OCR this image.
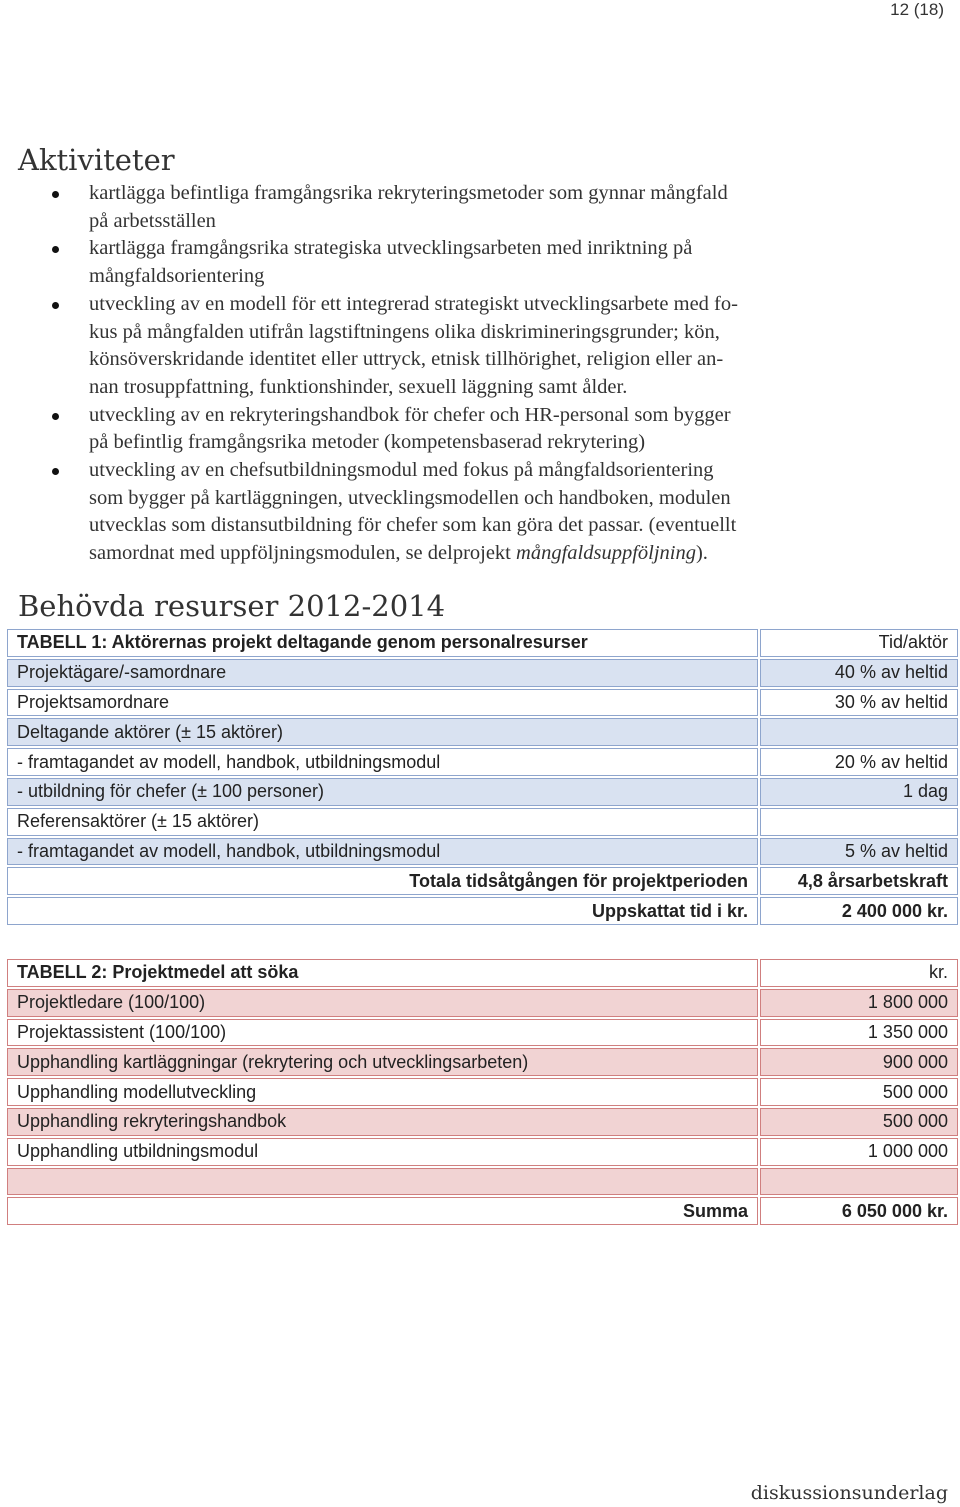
12 (18)
Aktiviteter
kartlägga befintliga framgångsrika rekryteringsmetoder som gynnar mångfald
på arbetsställen
kartlägga framgångsrika strategiska utvecklingsarbeten med inriktning på
mångfaldsorientering
utveckling av en modell för ett integrerad strategiskt utvecklingsarbete med fo-
kus på mångfalden utifrån lagstiftningens olika diskrimineringsgrunder; kön,
könsöverskridande identitet eller uttryck, etnisk tillhörighet, religion eller an-
nan trosuppfattning, funktionshinder, sexuell läggning samt ålder.
utveckling av en rekryteringshandbok för chefer och HR-personal som bygger
på befintlig framgångsrika metoder (kompetensbaserad rekrytering)
utveckling av en chefsutbildningsmodul med fokus på mångfaldsorientering
som bygger på kartläggningen, utvecklingsmodellen och handboken, modulen
utvecklas som distansutbildning för chefer som kan göra det passar. (eventuellt
samordnat med uppföljningsmodulen, se delprojekt mångfaldsuppföljning).
Behövda resurser 2012-2014
TABELL 1: Aktörernas projekt deltagande genom personalresurser	Tid/aktör
Projektägare/-samordnare	40 % av heltid
Projektsamordnare	30 % av heltid
Deltagande aktörer (± 15 aktörer)	
- framtagandet av modell, handbok, utbildningsmodul	20 % av heltid
- utbildning för chefer (± 100 personer)	1 dag
Referensaktörer (± 15 aktörer)	
- framtagandet av modell, handbok, utbildningsmodul	5 % av heltid
Totala tidsåtgången för projektperioden	4,8 årsarbetskraft
Uppskattat tid i kr.	2 400 000 kr.
TABELL 2: Projektmedel att söka	kr.
Projektledare (100/100)	1 800 000
Projektassistent (100/100)	1 350 000
Upphandling kartläggningar (rekrytering och utvecklingsarbeten)	900 000
Upphandling modellutveckling	500 000
Upphandling rekryteringshandbok	500 000
Upphandling utbildningsmodul	1 000 000

Summa	6 050 000 kr.
diskussionsunderlag
